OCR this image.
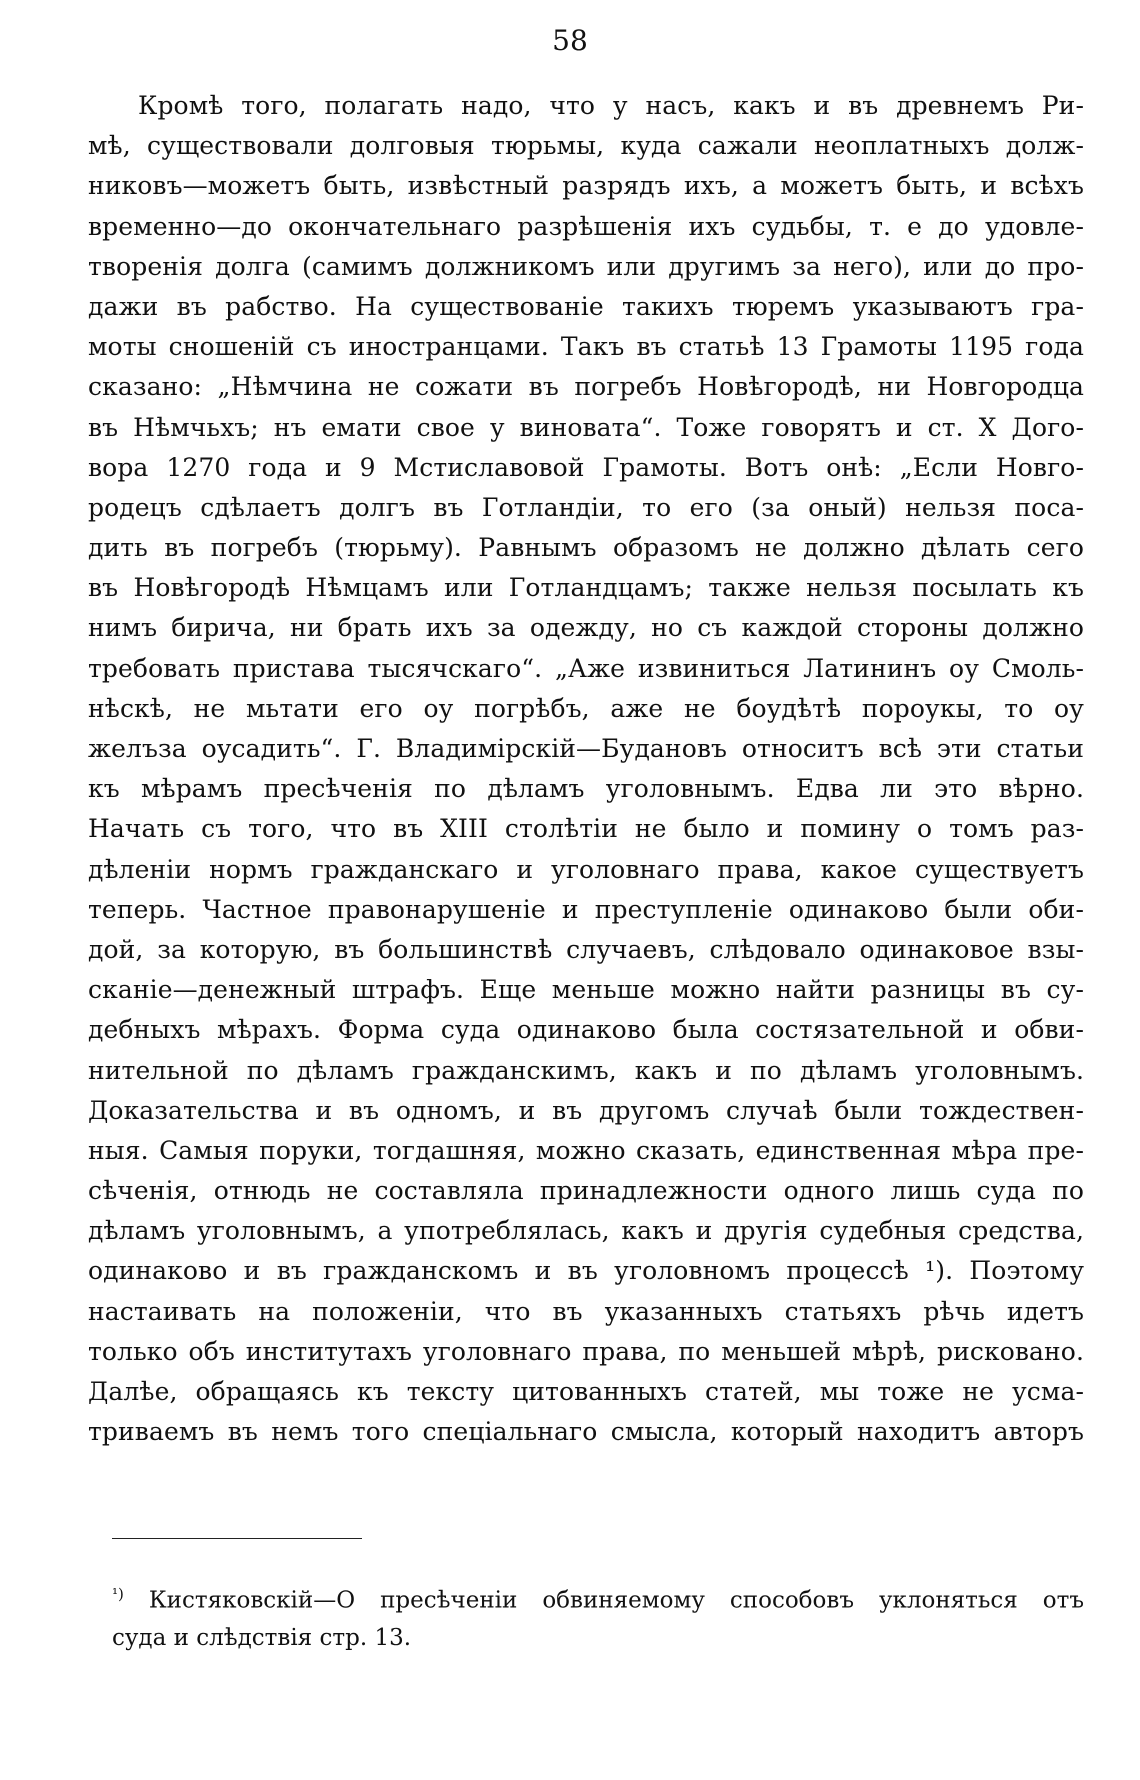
58
Кромѣ того, полагать надо, что у насъ, какъ и въ древнемъ Ри-
мѣ, существовали долговыя тюрьмы, куда сажали неоплатныхъ долж-
никовъ—можетъ быть, извѣстный разрядъ ихъ, а можетъ быть, и всѣхъ
временно—до окончательнаго разрѣшенія ихъ судьбы, т. е до удовле-
творенія долга (самимъ должникомъ или другимъ за него), или до про-
дажи въ рабство. На существованіе такихъ тюремъ указываютъ гра-
моты сношеній съ иностранцами. Такъ въ статьѣ 13 Грамоты 1195 года
сказано: „Нѣмчина не сожати въ погребъ Новѣгородѣ, ни Новгородца
въ Нѣмчьхъ; нъ емати свое у виновата“. Тоже говорятъ и ст. X Дого-
вора 1270 года и 9 Мстиславовой Грамоты. Вотъ онѣ: „Если Новго-
родецъ сдѣлаетъ долгъ въ Готландіи, то его (за оный) нельзя посa-
дить въ погребъ (тюрьму). Равнымъ образомъ не должно дѣлать сего
въ Новѣгородѣ Нѣмцамъ или Готландцамъ; также нельзя посылать къ
нимъ бирича, ни брать ихъ за одежду, но съ каждой стороны должно
требовать пристава тысячскаго“. „Аже извиниться Латининъ оу Смоль-
нѣскѣ, не мьтати его оу погрѣбъ, аже не боудѣтѣ пороукы, то оу
желъза оусадить“. Г. Владимірскій—Будановъ относитъ всѣ эти статьи
къ мѣрамъ пресѣченія по дѣламъ уголовнымъ. Едва ли это вѣрно.
Начать съ того, что въ XIII столѣтіи не было и помину о томъ раз-
дѣленіи нормъ гражданскаго и уголовнаго права, какое существуетъ
теперь. Частное правонарушеніе и преступленіе одинаково были оби-
дой, за которую, въ большинствѣ случаевъ, слѣдовало одинаковое взы-
сканіе—денежный штрафъ. Еще меньше можно найти разницы въ су-
дебныхъ мѣрахъ. Форма суда одинаково была состязательной и обви-
нительной по дѣламъ гражданскимъ, какъ и по дѣламъ уголовнымъ.
Доказательства и въ одномъ, и въ другомъ случаѣ были тождествен-
ныя. Самыя поруки, тогдашняя, можно сказать, единственная мѣра пре-
сѣченія, отнюдь не составляла принадлежности одного лишь суда по
дѣламъ уголовнымъ, а употреблялась, какъ и другія судебныя средства,
одинаково и въ гражданскомъ и въ уголовномъ процессѣ ¹). Поэтому
настаивать на положеніи, что въ указанныхъ статьяхъ рѣчь идетъ
только объ институтахъ уголовнаго права, по меньшей мѣрѣ, рисковано.
Далѣе, обращаясь къ тексту цитованныхъ статей, мы тоже не усма-
триваемъ въ немъ того спеціальнаго смысла, который находитъ авторъ
$^{^1)}$ Кистяковскій—О пресѣченіи обвиняемому способовъ уклоняться отъ
суда и слѣдствія стр. 13.
